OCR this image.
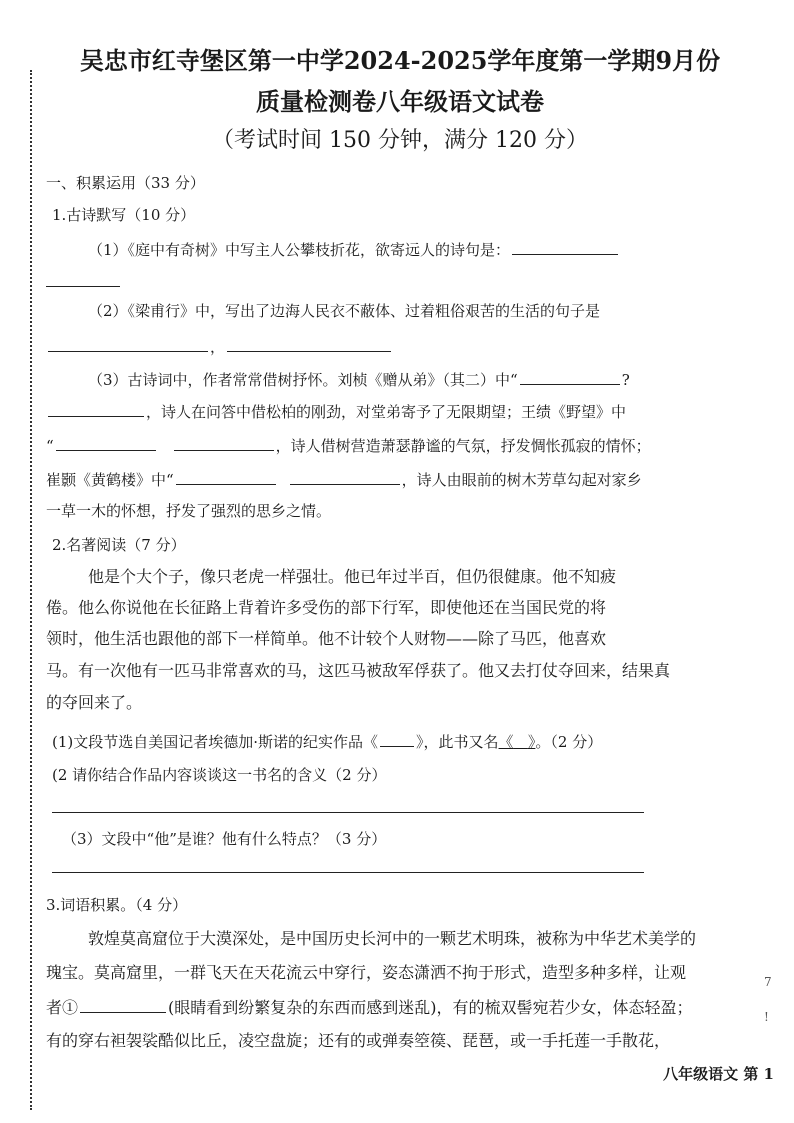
吴忠市红寺堡区第一中学2024-2025学年度第一学期9月份
质量检测卷八年级语文试卷
（考试时间 150 分钟，满分 120 分）
一、积累运用（33 分）
1.古诗默写（10 分）
（1）《庭中有奇树》中写主人公攀枝折花，欲寄远人的诗句是：
（2）《梁甫行》中，写出了边海人民衣不蔽体、过着粗俗艰苦的生活的句子是
，
（3）古诗词中，作者常常借树抒怀。刘桢《赠从弟》（其二）中“	?
，诗人在问答中借松柏的刚劲，对堂弟寄予了无限期望；王绩《野望》中
“	，诗人借树营造萧瑟静谧的气氛，抒发惆怅孤寂的情怀；
崔颢《黄鹤楼》中“	，诗人由眼前的树木芳草勾起对家乡
一草一木的怀想，抒发了强烈的思乡之情。
2.名著阅读（7 分）
他是个大个子，像只老虎一样强壮。他已年过半百，但仍很健康。他不知疲
倦。他么你说他在长征路上背着许多受伤的部下行军，即使他还在当国民党的将
领时，他生活也跟他的部下一样简单。他不计较个人财物——除了马匹，他喜欢
马。有一次他有一匹马非常喜欢的马，这匹马被敌军俘获了。他又去打仗夺回来，结果真
的夺回来了。
(1)文段节选自美国记者埃德加·斯诺的纪实作品《	》，此书又名《 》。（2 分）
(2 请你结合作品内容谈谈这一书名的含义（2 分）
（3）文段中“他”是谁？他有什么特点？（3 分）
3.词语积累。（4 分）
敦煌莫高窟位于大漠深处，是中国历史长河中的一颗艺术明珠，被称为中华艺术美学的
瑰宝。莫高窟里，一群飞天在天花流云中穿行，姿态潇洒不拘于形式，造型多种多样，让观
者①	(眼睛看到纷繁复杂的东西而感到迷乱)，有的梳双髻宛若少女，体态轻盈；
有的穿右袒袈裟酷似比丘，凌空盘旋；还有的或弹奏箜篌、琵琶，或一手托莲一手散花，
7
!
八年级语文 第 1
